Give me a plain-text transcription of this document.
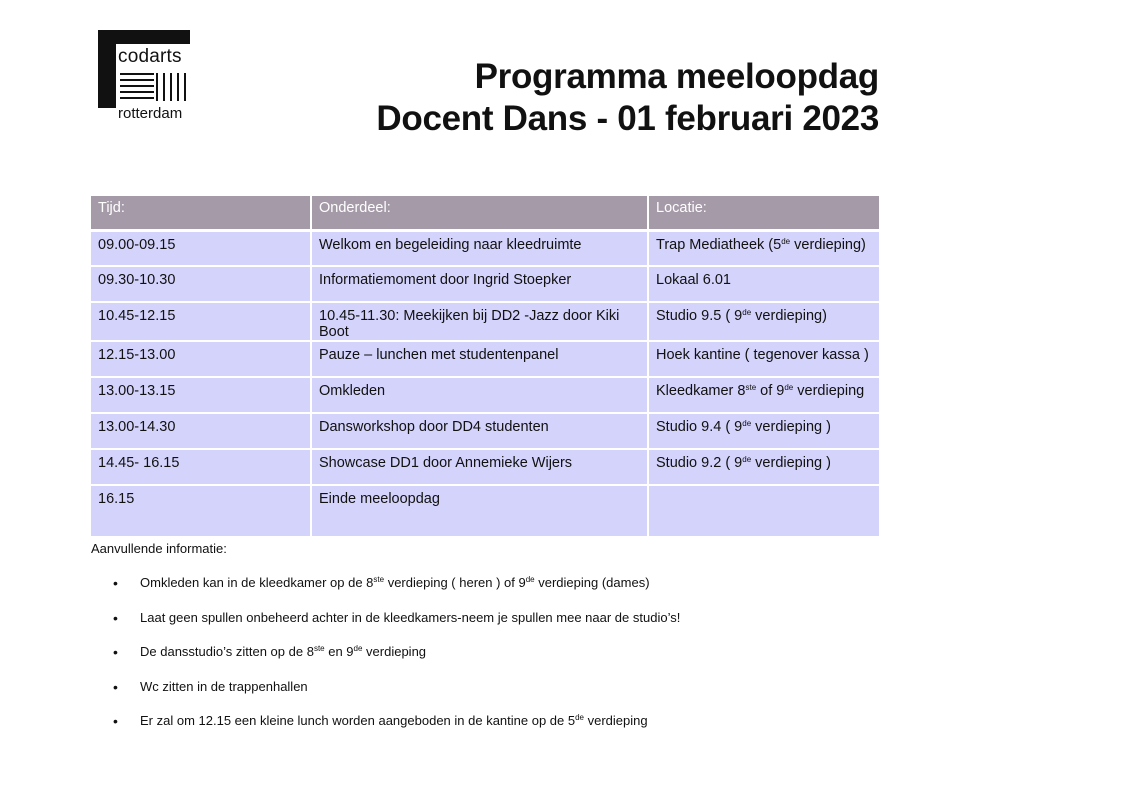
codarts
rotterdam
Programma meeloopdag
Docent Dans - 01 februari 2023
Tijd:	Onderdeel:	Locatie:
09.00-09.15	Welkom en begeleiding naar kleedruimte	Trap Mediatheek (5de verdieping)
09.30-10.30	Informatiemoment door Ingrid Stoepker	Lokaal 6.01
10.45-12.15	10.45-11.30: Meekijken bij DD2 -Jazz door Kiki Boot	Studio 9.5 ( 9de verdieping)
12.15-13.00	Pauze – lunchen met studentenpanel	Hoek kantine ( tegenover kassa )
13.00-13.15	Omkleden	Kleedkamer 8ste of 9de verdieping
13.00-14.30	Dansworkshop door DD4 studenten	Studio 9.4 ( 9de verdieping )
14.45- 16.15	Showcase DD1 door Annemieke Wijers	Studio 9.2 ( 9de verdieping )
16.15	Einde meeloopdag	
Aanvullende informatie:
• Omkleden kan in de kleedkamer op de 8ste verdieping ( heren ) of 9de verdieping (dames)
• Laat geen spullen onbeheerd achter in de kleedkamers-neem je spullen mee naar de studio’s!
• De dansstudio’s zitten op de 8ste en 9de verdieping
• Wc zitten in de trappenhallen
• Er zal om 12.15 een kleine lunch worden aangeboden in de kantine op de 5de verdieping
